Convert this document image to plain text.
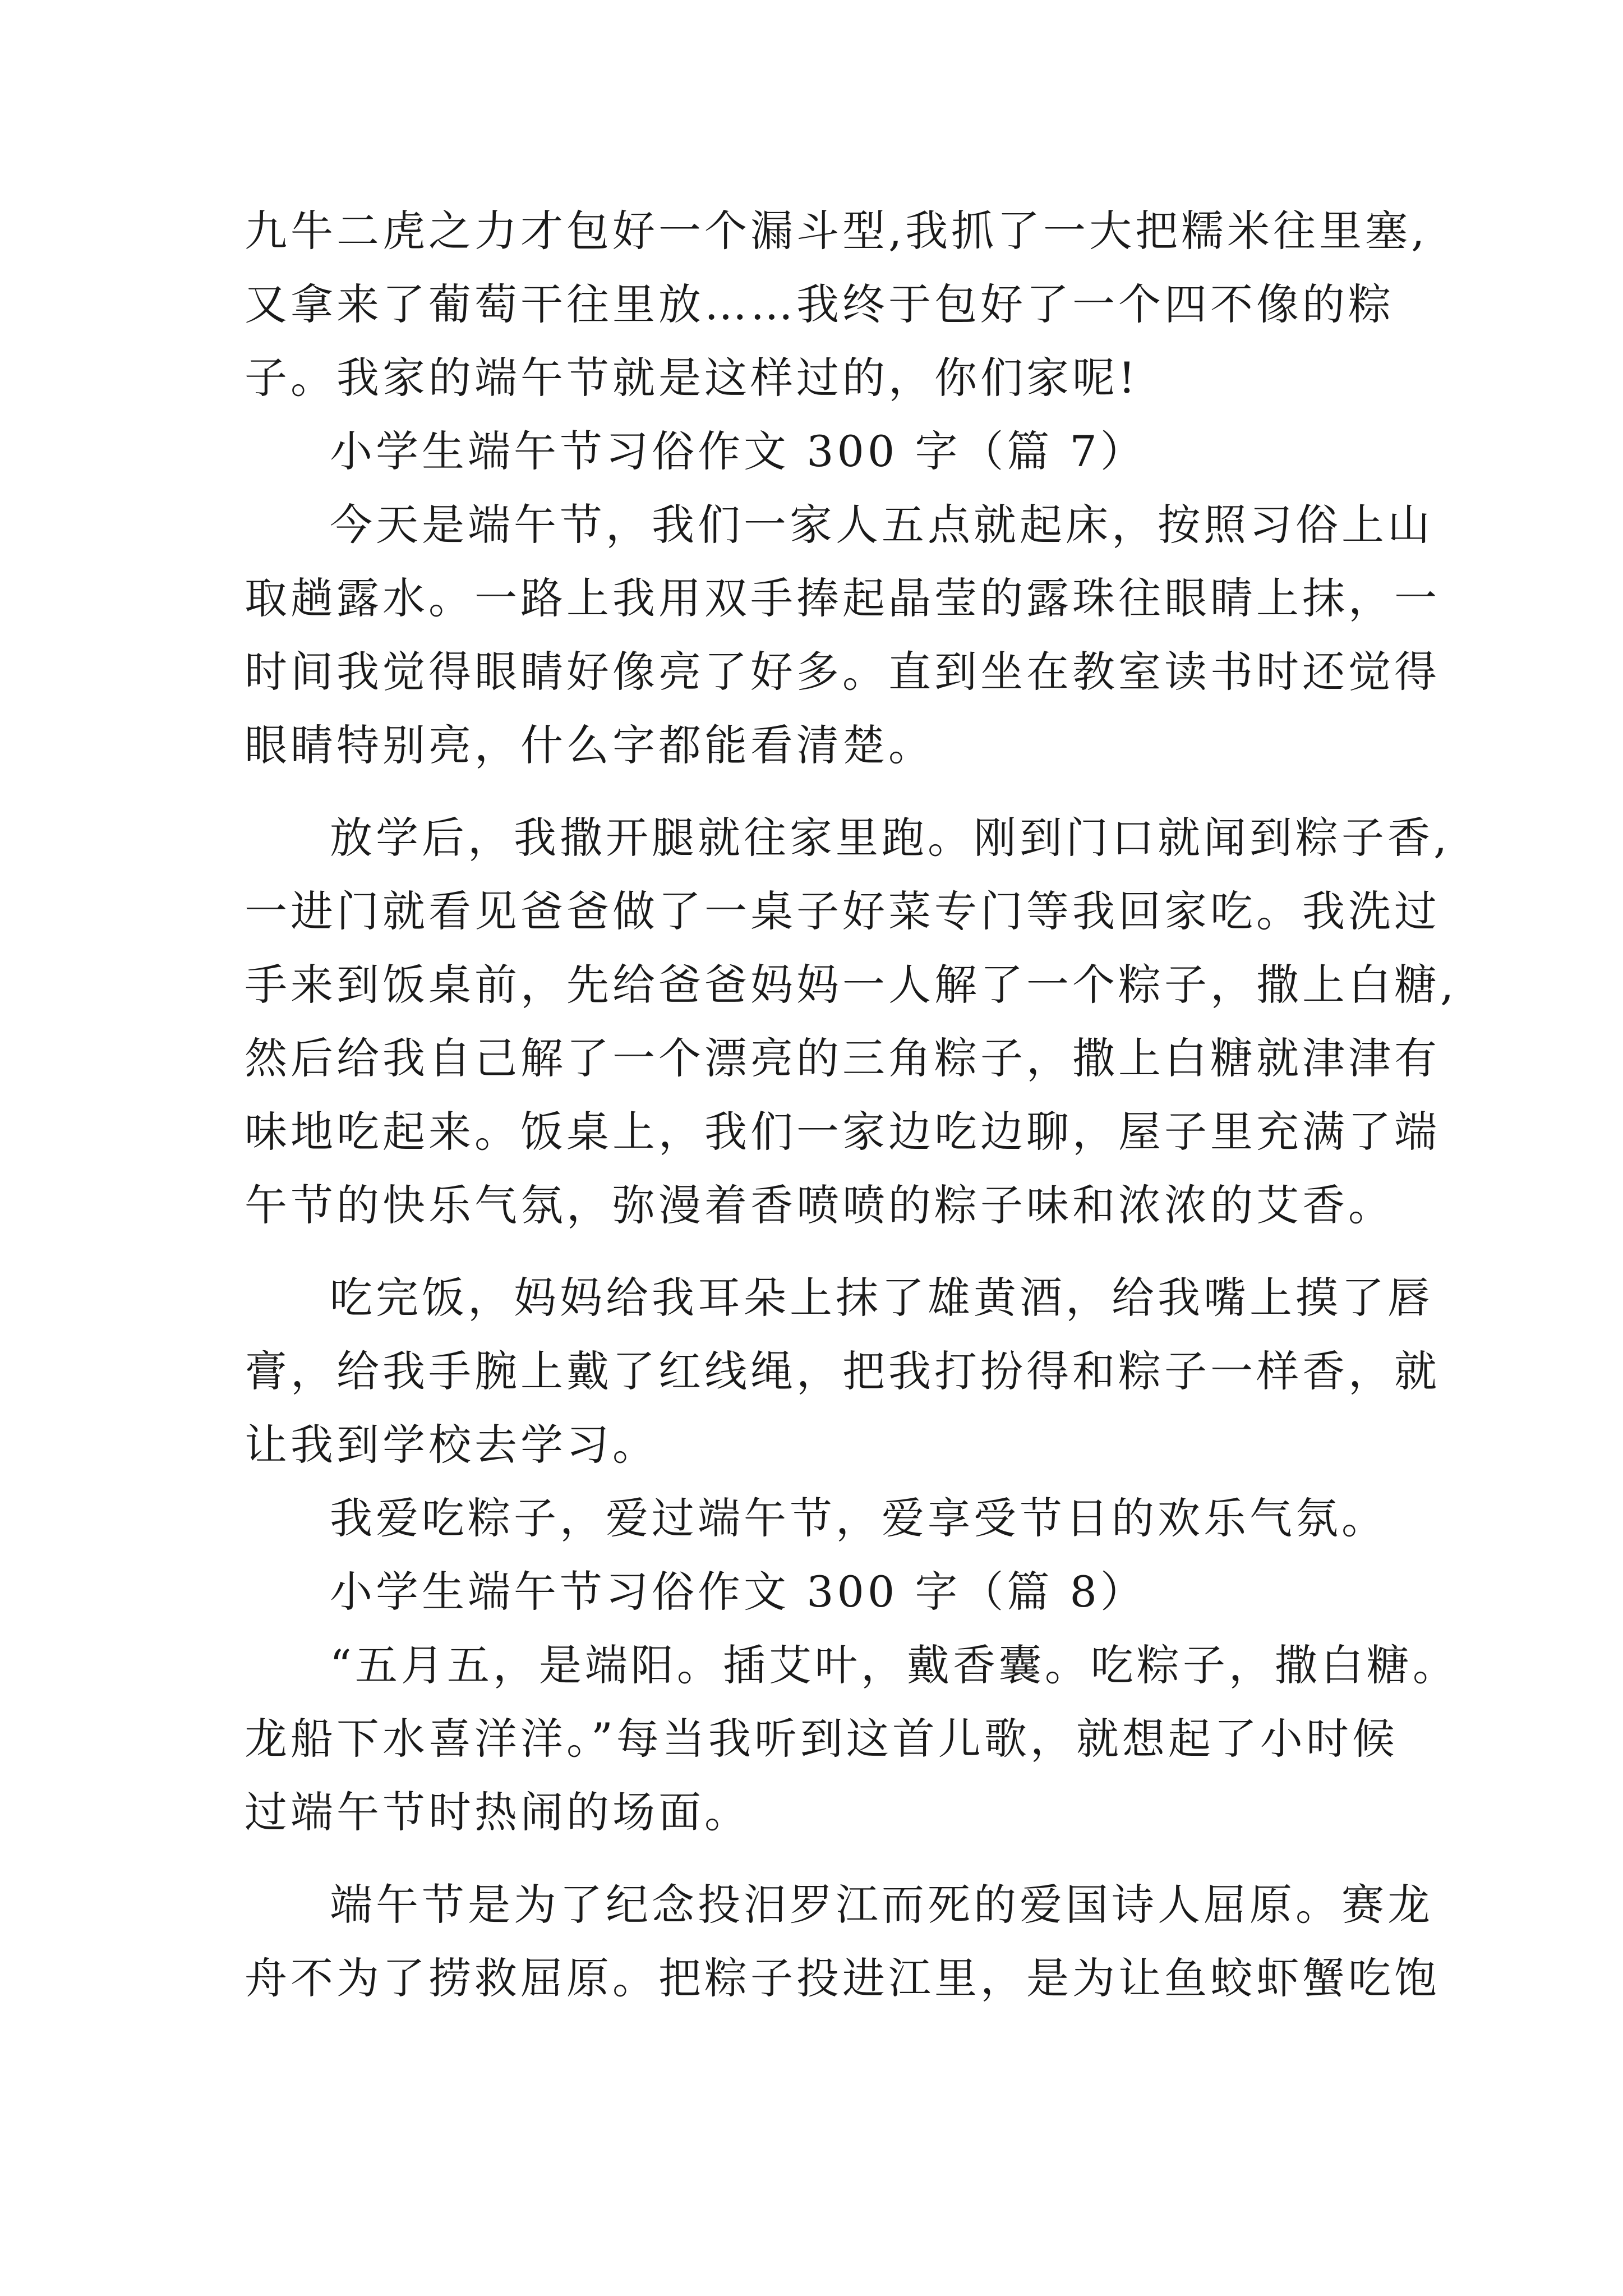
九牛二虎之力才包好一个漏斗型,我抓了一大把糯米往里塞,
又拿来了葡萄干往里放……我终于包好了一个四不像的粽
子。我家的端午节就是这样过的，你们家呢!
小学生端午节习俗作文 300 字（篇 7）
今天是端午节，我们一家人五点就起床，按照习俗上山
取趟露水。一路上我用双手捧起晶莹的露珠往眼睛上抹，一
时间我觉得眼睛好像亮了好多。直到坐在教室读书时还觉得
眼睛特别亮，什么字都能看清楚。
放学后，我撒开腿就往家里跑。刚到门口就闻到粽子香,
一进门就看见爸爸做了一桌子好菜专门等我回家吃。我洗过
手来到饭桌前，先给爸爸妈妈一人解了一个粽子，撒上白糖,
然后给我自己解了一个漂亮的三角粽子，撒上白糖就津津有
味地吃起来。饭桌上，我们一家边吃边聊，屋子里充满了端
午节的快乐气氛，弥漫着香喷喷的粽子味和浓浓的艾香。
吃完饭，妈妈给我耳朵上抹了雄黄酒，给我嘴上摸了唇
膏，给我手腕上戴了红线绳，把我打扮得和粽子一样香，就
让我到学校去学习。
我爱吃粽子，爱过端午节，爱享受节日的欢乐气氛。
小学生端午节习俗作文 300 字（篇 8）
“五月五，是端阳。插艾叶，戴香囊。吃粽子，撒白糖。
龙船下水喜洋洋。”每当我听到这首儿歌，就想起了小时候
过端午节时热闹的场面。
端午节是为了纪念投汨罗江而死的爱国诗人屈原。赛龙
舟不为了捞救屈原。把粽子投进江里，是为让鱼蛟虾蟹吃饱
